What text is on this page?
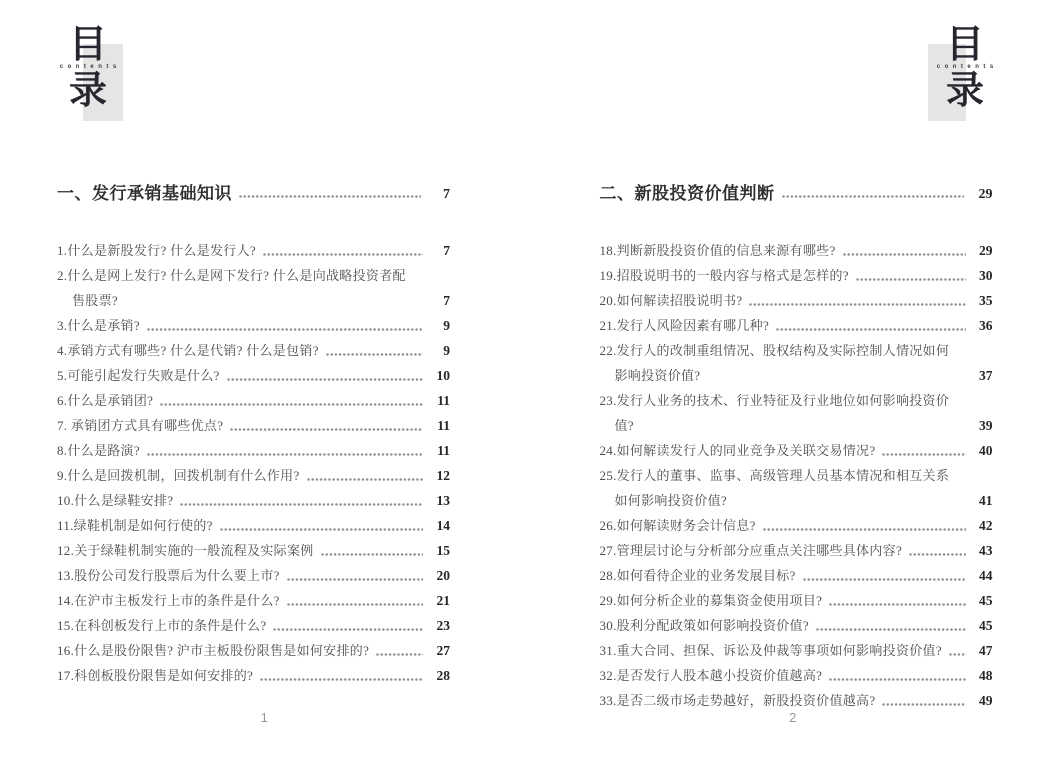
目
contents
录
一、发行承销基础知识	7
1.什么是新股发行? 什么是发行人?	7
2.什么是网上发行? 什么是网下发行? 什么是向战略投资者配售股票?	7
3.什么是承销?	9
4.承销方式有哪些? 什么是代销? 什么是包销?	9
5.可能引起发行失败是什么?	10
6.什么是承销团?	11
7. 承销团方式具有哪些优点?	11
8.什么是路演?	11
9.什么是回拨机制，回拨机制有什么作用?	12
10.什么是绿鞋安排?	13
11.绿鞋机制是如何行使的?	14
12.关于绿鞋机制实施的一般流程及实际案例	15
13.股份公司发行股票后为什么要上市?	20
14.在沪市主板发行上市的条件是什么?	21
15.在科创板发行上市的条件是什么?	23
16.什么是股份限售? 沪市主板股份限售是如何安排的?	27
17.科创板股份限售是如何安排的?	28
1
目
contents
录
二、新股投资价值判断	29
18.判断新股投资价值的信息来源有哪些?	29
19.招股说明书的一般内容与格式是怎样的?	30
20.如何解读招股说明书?	35
21.发行人风险因素有哪几种?	36
22.发行人的改制重组情况、股权结构及实际控制人情况如何影响投资价值?	37
23.发行人业务的技术、行业特征及行业地位如何影响投资价值?	39
24.如何解读发行人的同业竞争及关联交易情况?	40
25.发行人的董事、监事、高级管理人员基本情况和相互关系如何影响投资价值?	41
26.如何解读财务会计信息?	42
27.管理层讨论与分析部分应重点关注哪些具体内容?	43
28.如何看待企业的业务发展目标?	44
29.如何分析企业的募集资金使用项目?	45
30.股利分配政策如何影响投资价值?	45
31.重大合同、担保、诉讼及仲裁等事项如何影响投资价值?	47
32.是否发行人股本越小投资价值越高?	48
33.是否二级市场走势越好，新股投资价值越高?	49
2
